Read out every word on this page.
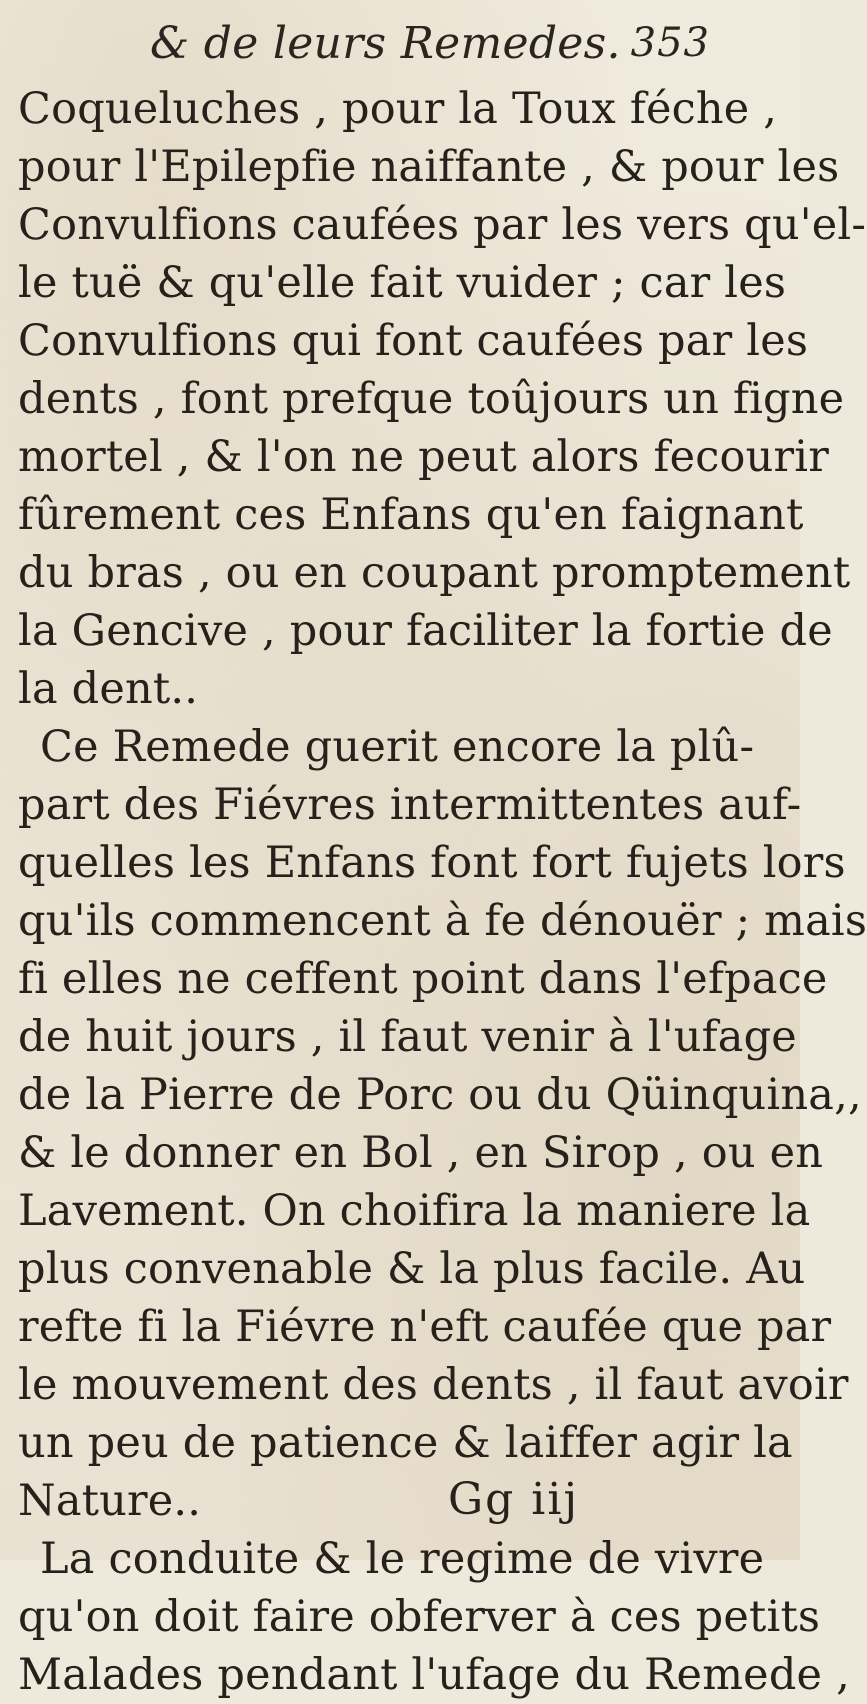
& de leurs Remedes. 353
Coqueluches , pour la Toux féche ,
pour l'Epilepfie naiffante , & pour les
Convulfions caufées par les vers qu'el-
le tuë & qu'elle fait vuider ; car les
Convulfions qui font caufées par les
dents , font prefque toûjours un figne
mortel , & l'on ne peut alors fecourir
fûrement ces Enfans qu'en faignant
du bras , ou en coupant promptement
la Gencive , pour faciliter la fortie de
la dent..
Ce Remede guerit encore la plû-
part des Fiévres intermittentes auf-
quelles les Enfans font fort fujets lors
qu'ils commencent à fe dénouër ; mais
fi elles ne ceffent point dans l'efpace
de huit jours , il faut venir à l'ufage
de la Pierre de Porc ou du Qüinquina,,
& le donner en Bol , en Sirop , ou en
Lavement. On choifira la maniere la
plus convenable & la plus facile. Au
refte fi la Fiévre n'eft caufée que par
le mouvement des dents , il faut avoir
un peu de patience & laiffer agir la
Nature..
La conduite & le regime de vivre
qu'on doit faire obferver à ces petits
Malades pendant l'ufage du Remede ,
Gg iij
